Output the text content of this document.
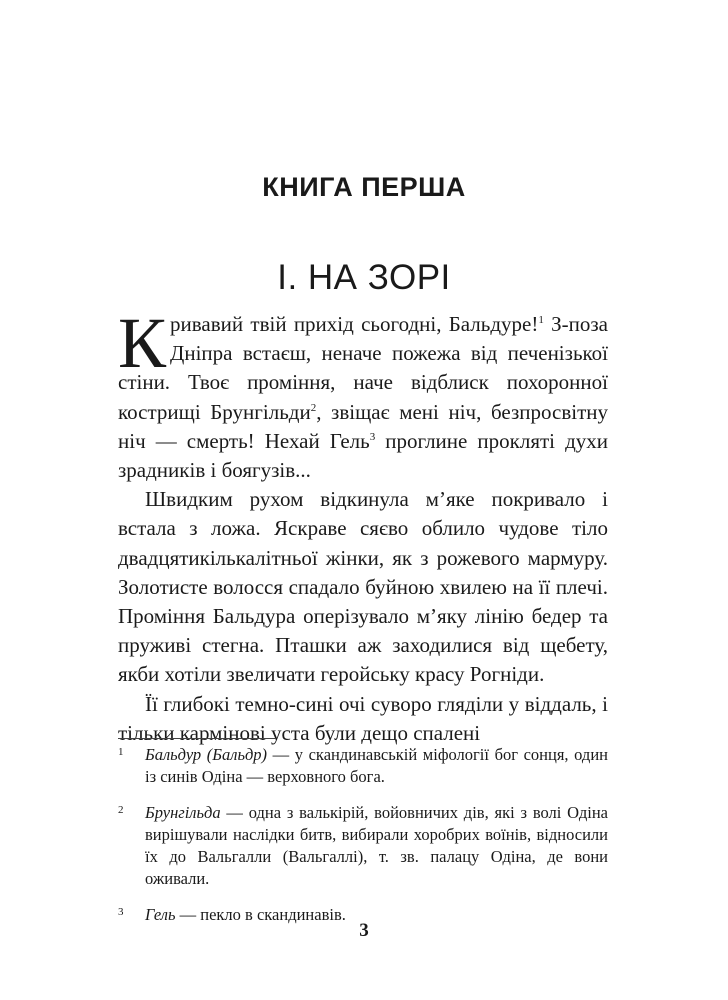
КНИГА ПЕРША
І. НА ЗОРІ

Кривавий твій прихід сьогодні, Бальдуре!$^1$ З-поза Дніпра встаєш, неначе пожежа від печенізької стіни. Твоє проміння, наче відблиск похоронної кострищі Брунгільди$^2$, звіщає мені ніч, безпросвітну ніч — смерть! Нехай Гель$^3$ проглине прокляті духи зрадників і боягузів...

Швидким рухом відкинула м’яке покривало і встала з ложа. Яскраве сяєво облило чудове тіло двадцятикількалітньої жінки, як з рожевого мармуру. Золотисте волосся спадало буйною хвилею на її плечі. Проміння Бальдура оперізувало м’яку лінію бедер та пруживі стегна. Пташки аж заходилися від щебету, якби хотіли звеличати геройську красу Рогніди.

Її глибокі темно-сині очі суворо гляділи у віддаль, і тільки кармінові уста були дещо спалені

1 Бальдур (Бальдр) — у скандинавській міфології бог сонця, один із синів Одіна — верховного бога.
2 Брунгільда — одна з валькірій, войовничих дів, які з волі Одіна вирішували наслідки битв, вибирали хоробрих воїнів, відносили їх до Вальгалли (Вальгаллі), т. зв. палацу Одіна, де вони оживали.
3 Гель — пекло в скандинавів.
3
